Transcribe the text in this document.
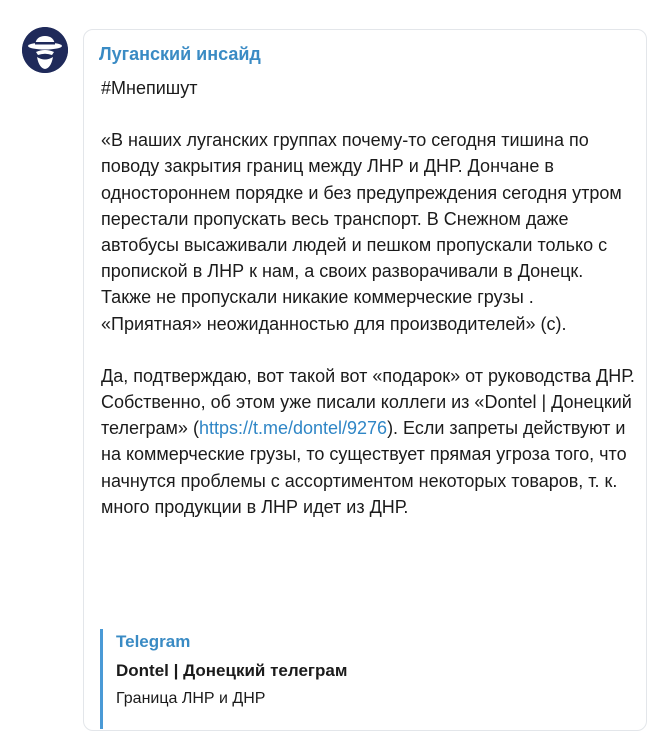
Луганский инсайд

#Мнепишут

«В наших луганских группах почему-то сегодня тишина по поводу закрытия границ между ЛНР и ДНР. Дончане в одностороннем порядке и без предупреждения сегодня утром перестали пропускать весь транспорт. В Снежном даже автобусы высаживали людей и пешком пропускали только с пропиской в ЛНР к нам, а своих разворачивали в Донецк. Также не пропускали никакие коммерческие грузы . «Приятная» неожиданностью для производителей» (с).

Да, подтверждаю, вот такой вот «подарок» от руководства ДНР. Собственно, об этом уже писали коллеги из «Dontel | Донецкий телеграм» (https://t.me/dontel/9276). Если запреты действуют и на коммерческие грузы, то существует прямая угроза того, что начнутся проблемы с ассортиментом некоторых товаров, т. к. много продукции в ЛНР идет из ДНР.

Telegram
Dontel | Донецкий телеграм
Граница ЛНР и ДНР
